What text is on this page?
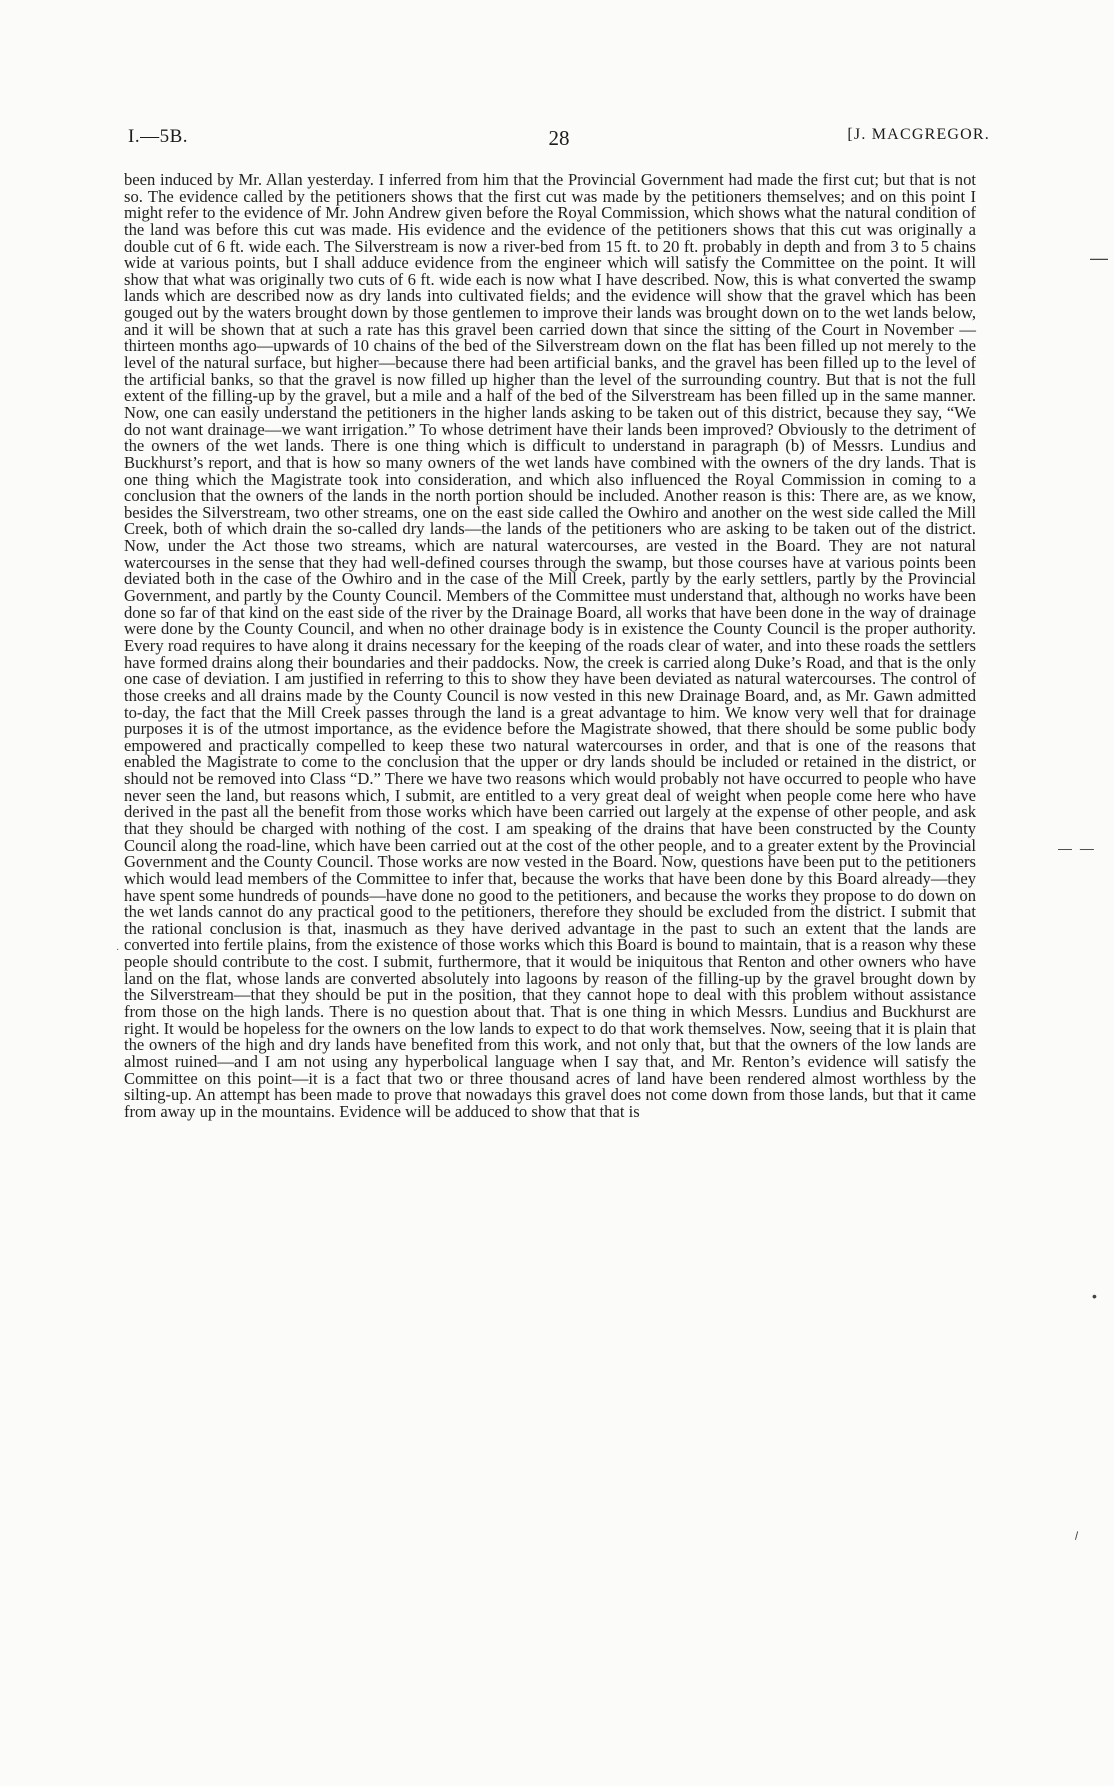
I.—5B.	28	[J. MACGREGOR.
been induced by Mr. Allan yesterday. I inferred from him that the Provincial Government had made the first cut; but that is not so. The evidence called by the petitioners shows that the first cut was made by the petitioners themselves; and on this point I might refer to the evidence of Mr. John Andrew given before the Royal Commission, which shows what the natural condition of the land was before this cut was made. His evidence and the evidence of the petitioners shows that this cut was originally a double cut of 6 ft. wide each. The Silverstream is now a river-bed from 15 ft. to 20 ft. probably in depth and from 3 to 5 chains wide at various points, but I shall adduce evidence from the engineer which will satisfy the Committee on the point. It will show that what was originally two cuts of 6 ft. wide each is now what I have described. Now, this is what converted the swamp lands which are described now as dry lands into cultivated fields; and the evidence will show that the gravel which has been gouged out by the waters brought down by those gentlemen to improve their lands was brought down on to the wet lands below, and it will be shown that at such a rate has this gravel been carried down that since the sitting of the Court in November —thirteen months ago—upwards of 10 chains of the bed of the Silverstream down on the flat has been filled up not merely to the level of the natural surface, but higher—because there had been artificial banks, and the gravel has been filled up to the level of the artificial banks, so that the gravel is now filled up higher than the level of the surrounding country. But that is not the full extent of the filling-up by the gravel, but a mile and a half of the bed of the Silverstream has been filled up in the same manner. Now, one can easily understand the petitioners in the higher lands asking to be taken out of this district, because they say, “We do not want drainage—we want irrigation.” To whose detriment have their lands been improved? Obviously to the detriment of the owners of the wet lands. There is one thing which is difficult to understand in paragraph (b) of Messrs. Lundius and Buckhurst’s report, and that is how so many owners of the wet lands have combined with the owners of the dry lands. That is one thing which the Magistrate took into consideration, and which also influenced the Royal Commission in coming to a conclusion that the owners of the lands in the north portion should be included. Another reason is this: There are, as we know, besides the Silverstream, two other streams, one on the east side called the Owhiro and another on the west side called the Mill Creek, both of which drain the so-called dry lands—the lands of the petitioners who are asking to be taken out of the district. Now, under the Act those two streams, which are natural watercourses, are vested in the Board. They are not natural watercourses in the sense that they had well-defined courses through the swamp, but those courses have at various points been deviated both in the case of the Owhiro and in the case of the Mill Creek, partly by the early settlers, partly by the Provincial Government, and partly by the County Council. Members of the Committee must understand that, although no works have been done so far of that kind on the east side of the river by the Drainage Board, all works that have been done in the way of drainage were done by the County Council, and when no other drainage body is in existence the County Council is the proper authority. Every road requires to have along it drains necessary for the keeping of the roads clear of water, and into these roads the settlers have formed drains along their boundaries and their paddocks. Now, the creek is carried along Duke’s Road, and that is the only one case of deviation. I am justified in referring to this to show they have been deviated as natural watercourses. The control of those creeks and all drains made by the County Council is now vested in this new Drainage Board, and, as Mr. Gawn admitted to-day, the fact that the Mill Creek passes through the land is a great advantage to him. We know very well that for drainage purposes it is of the utmost importance, as the evidence before the Magistrate showed, that there should be some public body empowered and practically compelled to keep these two natural watercourses in order, and that is one of the reasons that enabled the Magistrate to come to the conclusion that the upper or dry lands should be included or retained in the district, or should not be removed into Class “D.” There we have two reasons which would probably not have occurred to people who have never seen the land, but reasons which, I submit, are entitled to a very great deal of weight when people come here who have derived in the past all the benefit from those works which have been carried out largely at the expense of other people, and ask that they should be charged with nothing of the cost. I am speaking of the drains that have been constructed by the County Council along the road-line, which have been carried out at the cost of the other people, and to a greater extent by the Provincial Government and the County Council. Those works are now vested in the Board. Now, questions have been put to the petitioners which would lead members of the Committee to infer that, because the works that have been done by this Board already—they have spent some hundreds of pounds—have done no good to the petitioners, and because the works they propose to do down on the wet lands cannot do any practical good to the petitioners, therefore they should be excluded from the district. I submit that the rational conclusion is that, inasmuch as they have derived advantage in the past to such an extent that the lands are converted into fertile plains, from the existence of those works which this Board is bound to maintain, that is a reason why these people should contribute to the cost. I submit, furthermore, that it would be iniquitous that Renton and other owners who have land on the flat, whose lands are converted absolutely into lagoons by reason of the filling-up by the gravel brought down by the Silverstream—that they should be put in the position, that they cannot hope to deal with this problem without assistance from those on the high lands. There is no question about that. That is one thing in which Messrs. Lundius and Buckhurst are right. It would be hopeless for the owners on the low lands to expect to do that work themselves. Now, seeing that it is plain that the owners of the high and dry lands have benefited from this work, and not only that, but that the owners of the low lands are almost ruined—and I am not using any hyperbolical language when I say that, and Mr. Renton’s evidence will satisfy the Committee on this point—it is a fact that two or three thousand acres of land have been rendered almost worthless by the silting-up. An attempt has been made to prove that nowadays this gravel does not come down from those lands, but that it came from away up in the mountains. Evidence will be adduced to show that that is
—
— —
•
⸝
·
